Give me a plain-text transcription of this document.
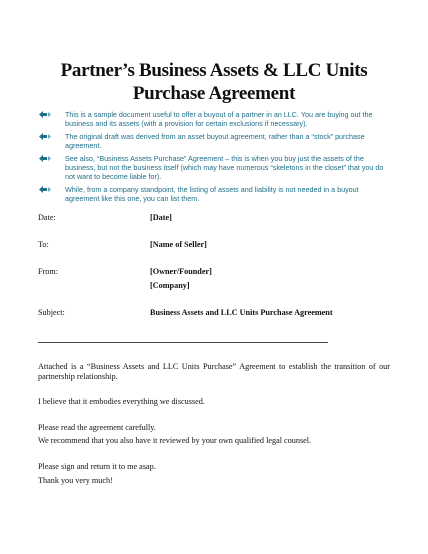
Partner’s Business Assets & LLC Units
Purchase Agreement
This is a sample document useful to offer a buyout of a partner in an LLC. You are buying out the business and its assets (with a provision for certain exclusions if necessary).
The original draft was derived from an asset buyout agreement, rather than a “stock” purchase agreement.
See also, “Business Assets Purchase” Agreement – this is when you buy just the assets of the business, but not the business itself (which may have numerous “skeletons in the closet” that you do not want to become liable for).
While, from a company standpoint, the listing of assets and liability is not needed in a buyout agreement like this one, you can list them.
Date:	[Date]
To:	[Name of Seller]
From:	[Owner/Founder]
[Company]
Subject:	Business Assets and LLC Units Purchase Agreement
Attached is a “Business Assets and LLC Units Purchase” Agreement to establish the transition of our partnership relationship.
I believe that it embodies everything we discussed.
Please read the agreement carefully.
We recommend that you also have it reviewed by your own qualified legal counsel.
Please sign and return it to me asap.
Thank you very much!
